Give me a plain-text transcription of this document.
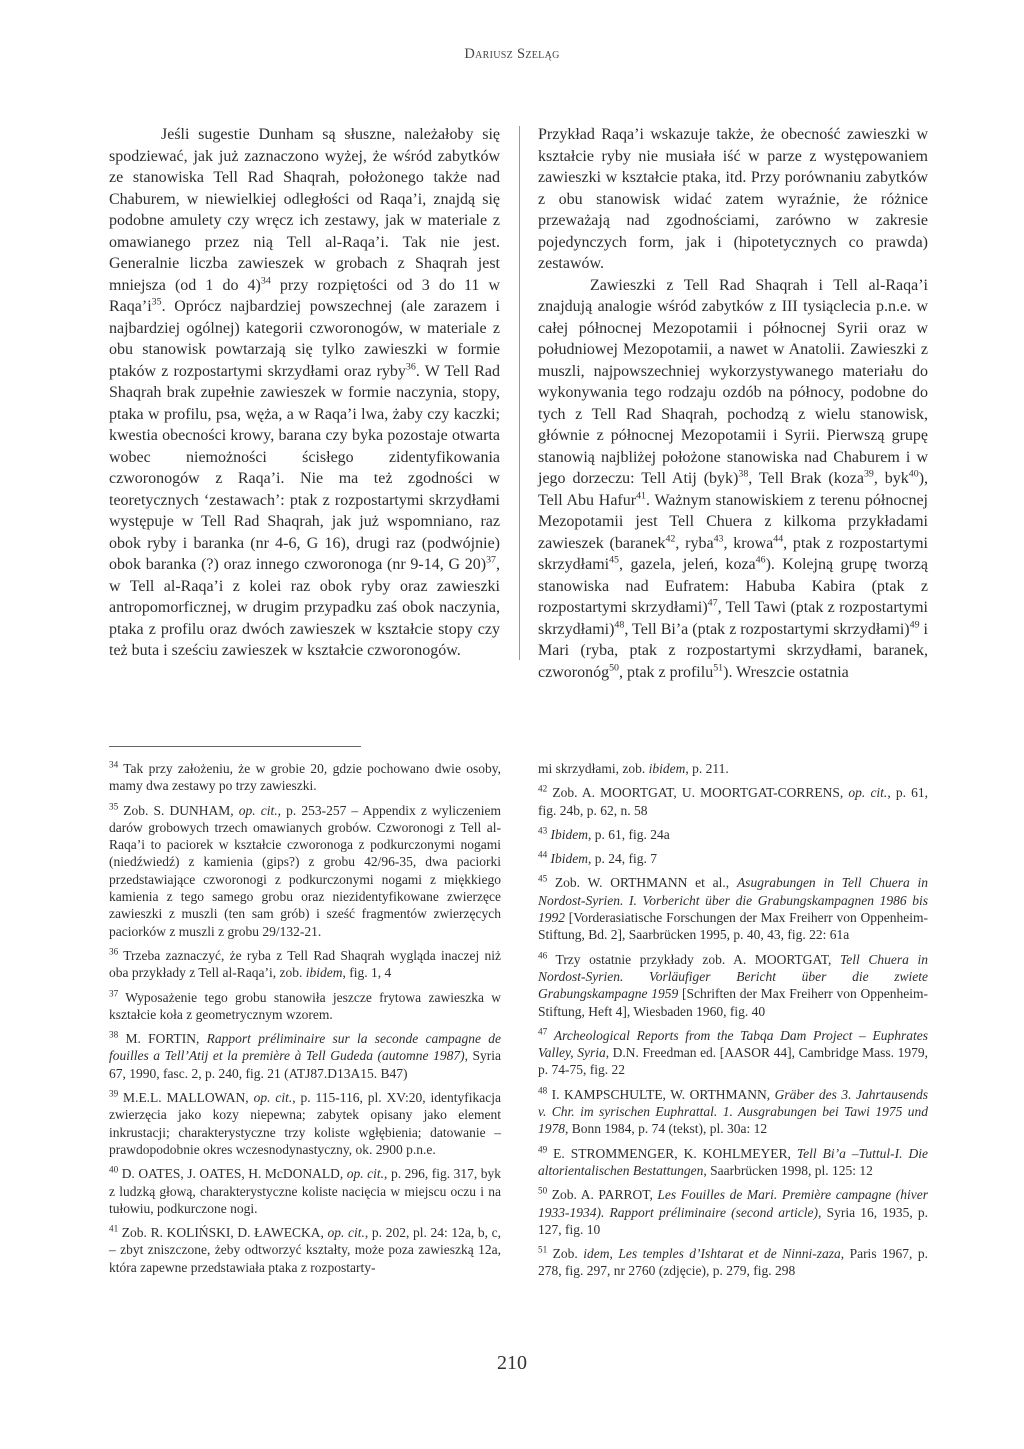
Dariusz Szeląg

Jeśli sugestie Dunham są słuszne, należałoby się spodziewać, jak już zaznaczono wyżej, że wśród zabytków ze stanowiska Tell Rad Shaqrah, położonego także nad Chaburem, w niewielkiej odległości od Raqa’i, znajdą się podobne amulety czy wręcz ich zestawy, jak w materiale z omawianego przez nią Tell al-Raqa’i. Tak nie jest. Generalnie liczba zawieszek w grobach z Shaqrah jest mniejsza (od 1 do 4)$^{34}$ przy rozpiętości od 3 do 11 w $Raqa’i^{35}$. Oprócz najbardziej powszechnej (ale zarazem i najbardziej ogólnej) kategorii czworonogów, w materiale z obu stanowisk powtarzają się tylko zawieszki w formie ptaków z rozpostartymi skrzydłami oraz ryby$^{36}$. W Tell Rad Shaqrah brak zupełnie zawieszek w formie naczynia, stopy, ptaka w profilu, psa, węża, a w Raqa’i lwa, żaby czy kaczki; kwestia obecności krowy, barana czy byka pozostaje otwarta wobec niemożności ścisłego zidentyfikowania czworonogów z Raqa’i. Nie ma też zgodności w teoretycznych ‘zestawach’: ptak z rozpostartymi skrzydłami występuje w Tell Rad Shaqrah, jak już wspomniano, raz obok ryby i baranka (nr 4-6, G 16), drugi raz (podwójnie) obok baranka (?) oraz innego czworonoga (nr 9-14, G 20)$^{37}$, w Tell al-Raqa’i z kolei raz obok ryby oraz zawieszki antropomorficznej, w drugim przypadku zaś obok naczynia, ptaka z profilu oraz dwóch zawieszek w kształcie stopy czy też buta i sześciu zawieszek w kształcie czworonogów.

Przykład Raqa’i wskazuje także, że obecność zawieszki w kształcie ryby nie musiała iść w parze z występowaniem zawieszki w kształcie ptaka, itd. Przy porównaniu zabytków z obu stanowisk widać zatem wyraźnie, że różnice przeważają nad zgodnościami, zarówno w zakresie pojedynczych form, jak i (hipotetycznych co prawda) zestawów.

Zawieszki z Tell Rad Shaqrah i Tell al-Raqa’i znajdują analogie wśród zabytków z III tysiąclecia p.n.e. w całej północnej Mezopotamii i północnej Syrii oraz w południowej Mezopotamii, a nawet w Anatolii. Zawieszki z muszli, najpowszechniej wykorzystywanego materiału do wykonywania tego rodzaju ozdób na północy, podobne do tych z Tell Rad Shaqrah, pochodzą z wielu stanowisk, głównie z północnej Mezopotamii i Syrii. Pierwszą grupę stanowią najbliżej położone stanowiska nad Chaburem i w jego dorzeczu: Tell Atij (byk)$^{38}$, Tell Brak (koza$^{39}$, byk$^{40}$), Tell Abu Hafur$^{41}$. Ważnym stanowiskiem z terenu północnej Mezopotamii jest Tell Chuera z kilkoma przykładami zawieszek (baranek$^{42}$, ryba$^{43}$, krowa$^{44}$, ptak z rozpostartymi skrzydłami$^{45}$, gazela, jeleń, koza$^{46}$). Kolejną grupę tworzą stanowiska nad Eufratem: Habuba Kabira (ptak z rozpostartymi skrzydłami)$^{47}$, Tell Tawi (ptak z rozpostartymi skrzydłami)$^{48}$, Tell Bi’a (ptak z rozpostartymi skrzydłami)$^{49}$ i Mari (ryba, ptak z rozpostartymi skrzydłami, baranek, czworonóg$^{50}$, ptak z profilu$^{51}$). Wreszcie ostatnia

$^{34}$ Tak przy założeniu, że w grobie 20, gdzie pochowano dwie osoby, mamy dwa zestawy po trzy zawieszki.

$^{35}$ Zob. S. DUNHAM, op. cit., p. 253-257 – Appendix z wyliczeniem darów grobowych trzech omawianych grobów. Czworonogi z Tell al-Raqa’i to paciorek w kształcie czworonoga z podkurczonymi nogami (niedźwiedź) z kamienia (gips?) z grobu 42/96-35, dwa paciorki przedstawiające czworonogi z podkurczonymi nogami z miękkiego kamienia z tego samego grobu oraz niezidentyfikowane zwierzęce zawieszki z muszli (ten sam grób) i sześć fragmentów zwierzęcych paciorków z muszli z grobu 29/132-21.

$^{36}$ Trzeba zaznaczyć, że ryba z Tell Rad Shaqrah wygląda inaczej niż oba przykłady z Tell al-Raqa’i, zob. ibidem, fig. 1, 4

$^{37}$ Wyposażenie tego grobu stanowiła jeszcze frytowa zawieszka w kształcie koła z geometrycznym wzorem.

$^{38}$ M. FORTIN, Rapport préliminaire sur la seconde campagne de fouilles a Tell’Atij et la première à Tell Gudeda (automne 1987), Syria 67, 1990, fasc. 2, p. 240, fig. 21 (ATJ87.D13A15. B47)

$^{39}$ M.E.L. MALLOWAN, op. cit., p. 115-116, pl. XV:20, identyfikacja zwierzęcia jako kozy niepewna; zabytek opisany jako element inkrustacji; charakterystyczne trzy koliste wgłębienia; datowanie – prawdopodobnie okres wczesnodynastyczny, ok. 2900 p.n.e.

$^{40}$ D. OATES, J. OATES, H. McDONALD, op. cit., p. 296, fig. 317, byk z ludzką głową, charakterystyczne koliste nacięcia w miejscu oczu i na tułowiu, podkurczone nogi.

$^{41}$ Zob. R. KOLIŃSKI, D. ŁAWECKA, op. cit., p. 202, pl. 24: 12a, b, c, – zbyt zniszczone, żeby odtworzyć kształty, może poza zawieszką 12a, która zapewne przedstawiała ptaka z rozpostarty-

mi skrzydłami, zob. ibidem, p. 211.

$^{42}$ Zob. A. MOORTGAT, U. MOORTGAT-CORRENS, op. cit., p. 61, fig. 24b, p. 62, n. 58

$^{43}$ Ibidem, p. 61, fig. 24a

$^{44}$ Ibidem, p. 24, fig. 7

$^{45}$ Zob. W. ORTHMANN et al., Asugrabungen in Tell Chuera in Nordost-Syrien. I. Vorbericht über die Grabungskampagnen 1986 bis 1992 [Vorderasiatische Forschungen der Max Freiherr von Oppenheim-Stiftung, Bd. 2], Saarbrücken 1995, p. 40, 43, fig. 22: 61a

$^{46}$ Trzy ostatnie przykłady zob. A. MOORTGAT, Tell Chuera in Nordost-Syrien. Vorläufiger Bericht über die zwiete Grabungskampagne 1959 [Schriften der Max Freiherr von Oppenheim-Stiftung, Heft 4], Wiesbaden 1960, fig. 40

$^{47}$ Archeological Reports from the Tabqa Dam Project – Euphrates Valley, Syria, D.N. Freedman ed. [AASOR 44], Cambridge Mass. 1979, p. 74-75, fig. 22

$^{48}$ I. KAMPSCHULTE, W. ORTHMANN, Gräber des 3. Jahrtausends v. Chr. im syrischen Euphrattal. 1. Ausgrabungen bei Tawi 1975 und 1978, Bonn 1984, p. 74 (tekst), pl. 30a: 12

$^{49}$ E. STROMMENGER, K. KOHLMEYER, Tell Bi’a –Tuttul-I. Die altorientalischen Bestattungen, Saarbrücken 1998, pl. 125: 12

$^{50}$ Zob. A. PARROT, Les Fouilles de Mari. Première campagne (hiver 1933-1934). Rapport préliminaire (second article), Syria 16, 1935, p. 127, fig. 10

$^{51}$ Zob. idem, Les temples d’Ishtarat et de Ninni-zaza, Paris 1967, p. 278, fig. 297, nr 2760 (zdjęcie), p. 279, fig. 298

210
